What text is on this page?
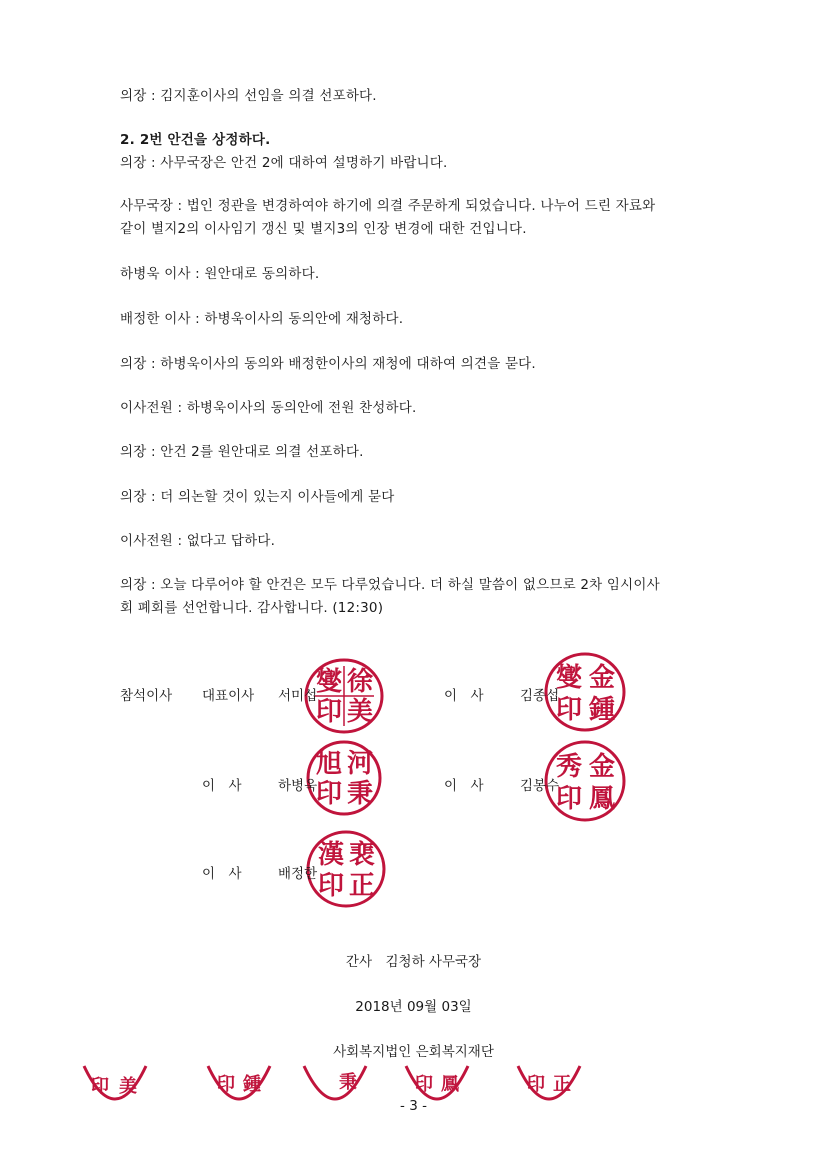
의장 : 김지훈이사의 선임을 의결 선포하다.
2. 2번 안건을 상정하다.
의장 : 사무국장은 안건 2에 대하여 설명하기 바랍니다.
사무국장 : 법인 정관을 변경하여야 하기에 의결 주문하게 되었습니다. 나누어 드린 자료와
같이 별지2의 이사임기 갱신 및 별지3의 인장 변경에 대한 건입니다.
하병욱 이사 : 원안대로 동의하다.
배정한 이사 : 하병욱이사의 동의안에 재청하다.
의장 : 하병욱이사의 동의와 배정한이사의 재청에 대하여 의견을 묻다.
이사전원 : 하병욱이사의 동의안에 전원 찬성하다.
의장 : 안건 2를 원안대로 의결 선포하다.
의장 : 더 의논할 것이 있는지 이사들에게 묻다
이사전원 : 없다고 답하다.
의장 : 오늘 다루어야 할 안건은 모두 다루었습니다. 더 하실 말씀이 없으므로 2차 임시이사
회 폐회를 선언합니다. 감사합니다. (12:30)
徐
美
印
燮	金
鍾
印
燮
河
秉
印
旭	金
鳳
印
秀
裵
正
印
漢
참석이사 대표이사 서미섭	이　사	김종섭
이　사	하병욱	이　사	김봉수
이　사	배정한
간사　김청하 사무국장
2018년 09월 03일
사회복지법인 은회복지재단
印 美	印 鍾	秉	印 鳳	印 正
- 3 -
